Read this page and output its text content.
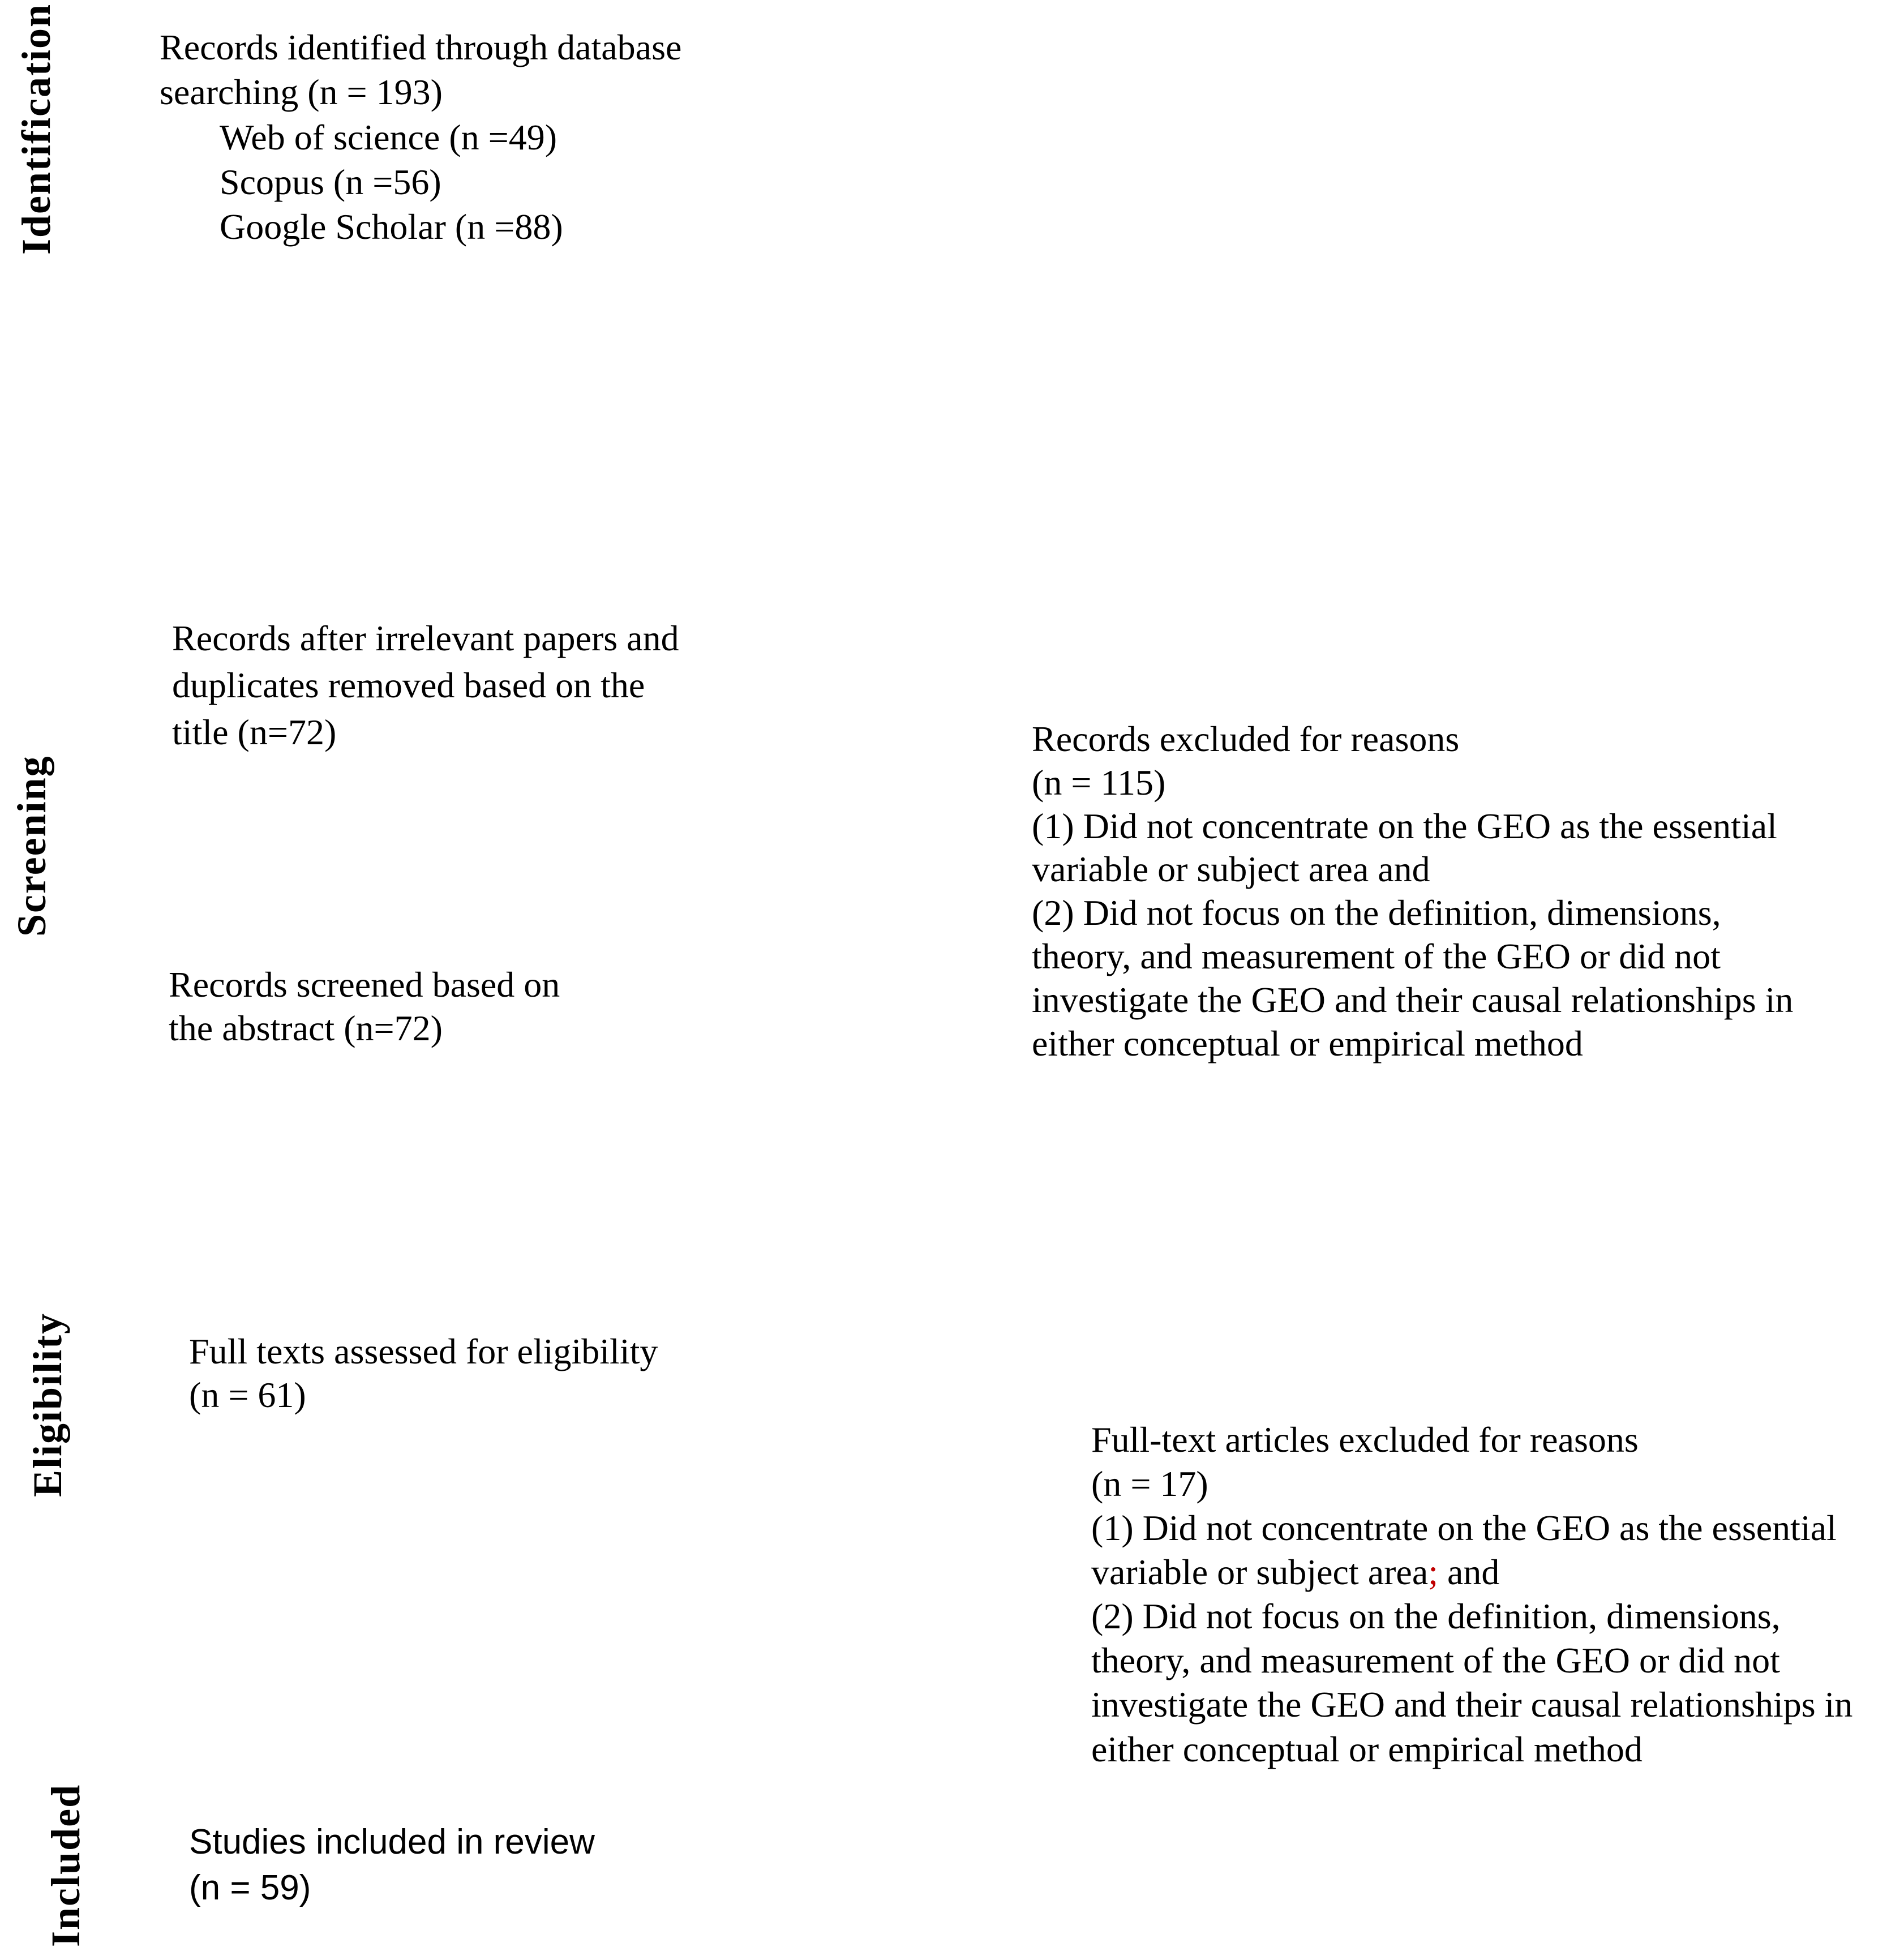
Identification
Screening
Eligibility
Included
Records identified through database
searching (n = 193)
Web of science (n =49)
Scopus (n =56)
Google Scholar (n =88)
Records after irrelevant papers and
duplicates removed based on the
title (n=72)
Records screened based on
the abstract (n=72)
Records excluded for reasons
(n = 115)
(1) Did not concentrate on the GEO as the essential
variable or subject area and
(2) Did not focus on the definition, dimensions,
theory, and measurement of the GEO or did not
investigate the GEO and their causal relationships in
either conceptual or empirical method
Full texts assessed for eligibility
(n = 61)
Full-text articles excluded for reasons
(n = 17)
(1) Did not concentrate on the GEO as the essential
variable or subject area; and
(2) Did not focus on the definition, dimensions,
theory, and measurement of the GEO or did not
investigate the GEO and their causal relationships in
either conceptual or empirical method
Studies included in review
(n = 59)
